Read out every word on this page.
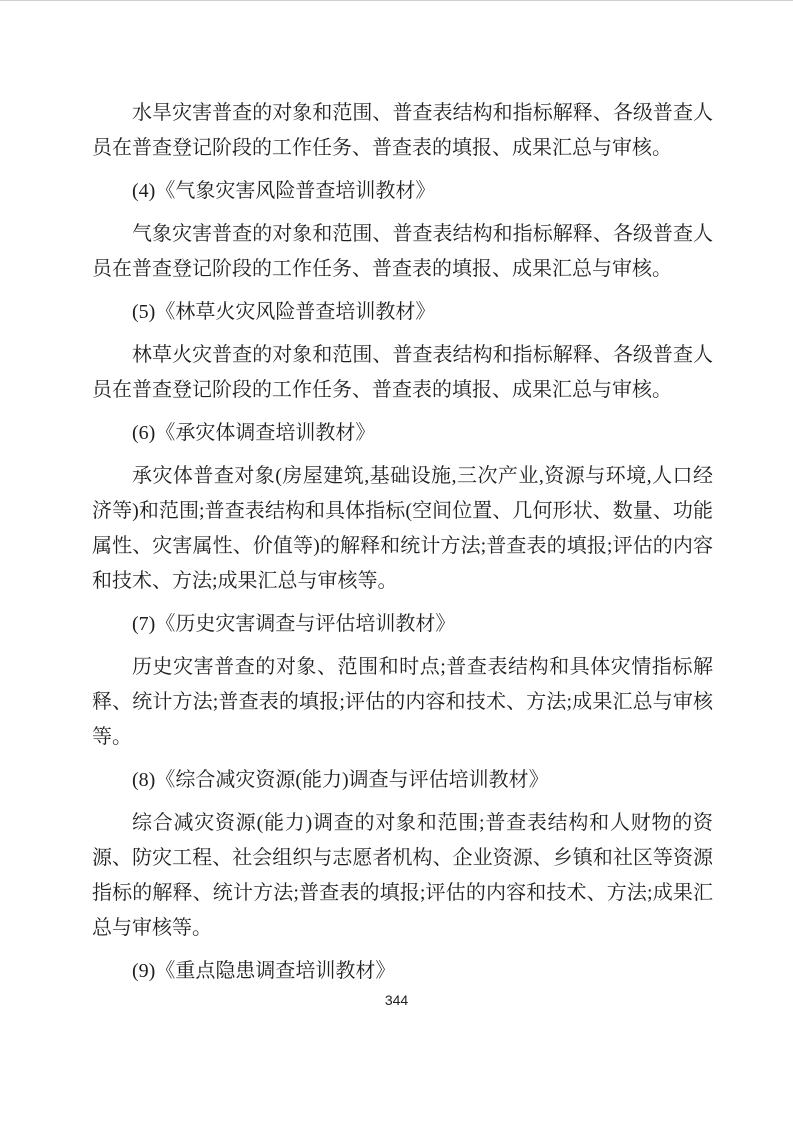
水旱灾害普查的对象和范围、普查表结构和指标解释、各级普查人员在普查登记阶段的工作任务、普查表的填报、成果汇总与审核。

(4)《气象灾害风险普查培训教材》

气象灾害普查的对象和范围、普查表结构和指标解释、各级普查人员在普查登记阶段的工作任务、普查表的填报、成果汇总与审核。

(5)《林草火灾风险普查培训教材》

林草火灾普查的对象和范围、普查表结构和指标解释、各级普查人员在普查登记阶段的工作任务、普查表的填报、成果汇总与审核。

(6)《承灾体调查培训教材》

承灾体普查对象(房屋建筑,基础设施,三次产业,资源与环境,人口经济等)和范围;普查表结构和具体指标(空间位置、几何形状、数量、功能属性、灾害属性、价值等)的解释和统计方法;普查表的填报;评估的内容和技术、方法;成果汇总与审核等。

(7)《历史灾害调查与评估培训教材》

历史灾害普查的对象、范围和时点;普查表结构和具体灾情指标解释、统计方法;普查表的填报;评估的内容和技术、方法;成果汇总与审核等。

(8)《综合减灾资源(能力)调查与评估培训教材》

综合减灾资源(能力)调查的对象和范围;普查表结构和人财物的资源、防灾工程、社会组织与志愿者机构、企业资源、乡镇和社区等资源指标的解释、统计方法;普查表的填报;评估的内容和技术、方法;成果汇总与审核等。

(9)《重点隐患调查培训教材》

344
